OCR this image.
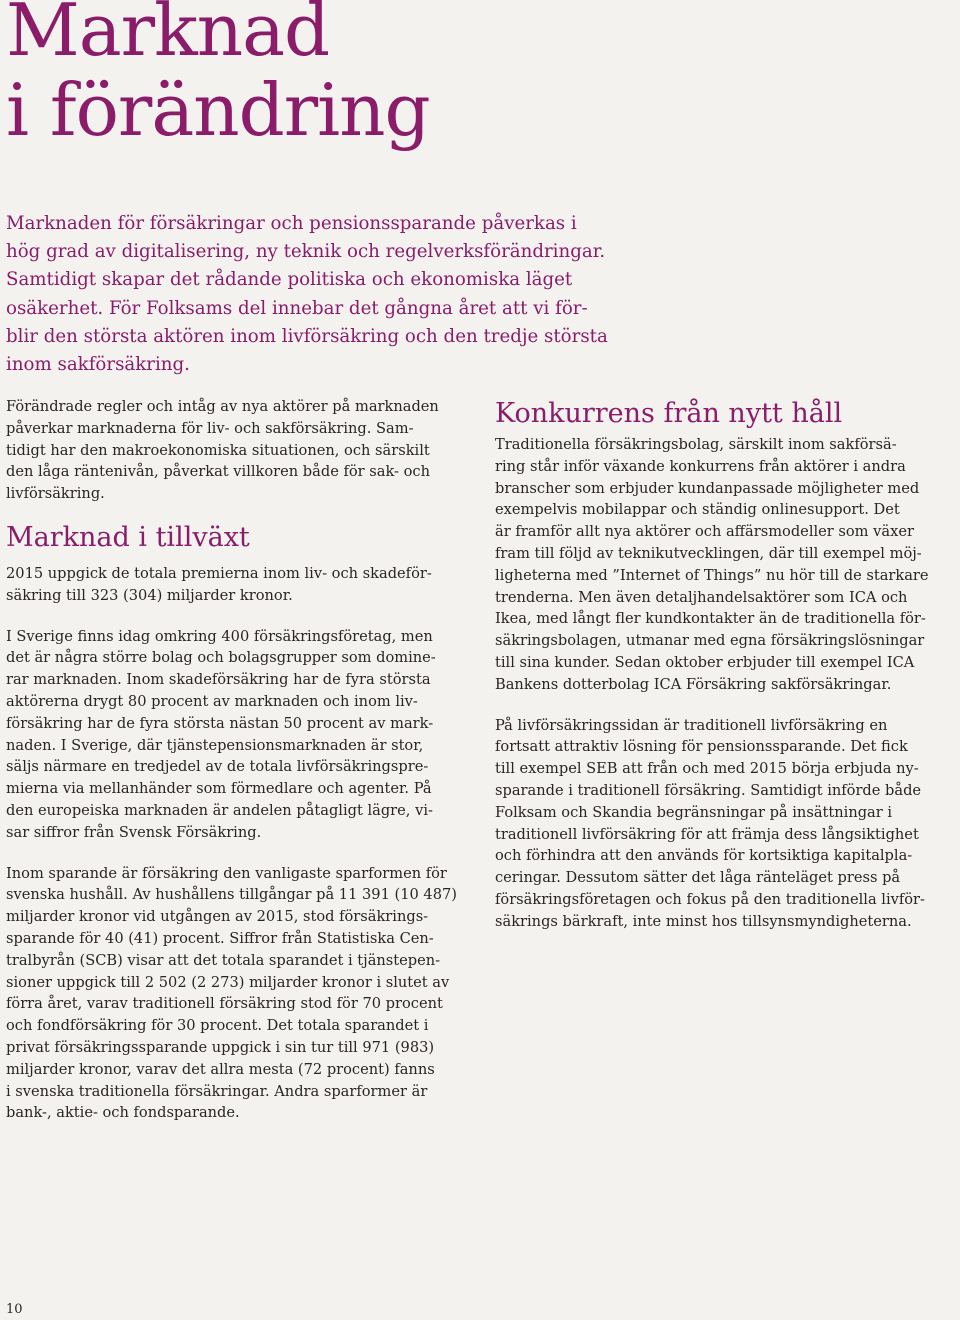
Marknad
i förändring

Marknaden för försäkringar och pensionssparande påverkas i
hög grad av digitalisering, ny teknik och regelverksförändringar.
Samtidigt skapar det rådande politiska och ekonomiska läget
osäkerhet. För Folksams del innebar det gångna året att vi för-
blir den största aktören inom livförsäkring och den tredje största
inom sakförsäkring.

Förändrade regler och intåg av nya aktörer på marknaden
påverkar marknaderna för liv- och sakförsäkring. Sam-
tidigt har den makroekonomiska situationen, och särskilt
den låga räntenivån, påverkat villkoren både för sak- och
livförsäkring.

Marknad i tillväxt

2015 uppgick de totala premierna inom liv- och skadeför-
säkring till 323 (304) miljarder kronor.

I Sverige finns idag omkring 400 försäkringsföretag, men
det är några större bolag och bolagsgrupper som domine-
rar marknaden. Inom skadeförsäkring har de fyra största
aktörerna drygt 80 procent av marknaden och inom liv-
försäkring har de fyra största nästan 50 procent av mark-
naden. I Sverige, där tjänstepensionsmarknaden är stor,
säljs närmare en tredjedel av de totala livförsäkringspre-
mierna via mellanhänder som förmedlare och agenter. På
den europeiska marknaden är andelen påtagligt lägre, vi-
sar siffror från Svensk Försäkring.

Inom sparande är försäkring den vanligaste sparformen för
svenska hushåll. Av hushållens tillgångar på 11 391 (10 487)
miljarder kronor vid utgången av 2015, stod försäkrings-
sparande för 40 (41) procent. Siffror från Statistiska Cen-
tralbyrån (SCB) visar att det totala sparandet i tjänstepen-
sioner uppgick till 2 502 (2 273) miljarder kronor i slutet av
förra året, varav traditionell försäkring stod för 70 procent
och fondförsäkring för 30 procent. Det totala sparandet i
privat försäkringssparande uppgick i sin tur till 971 (983)
miljarder kronor, varav det allra mesta (72 procent) fanns
i svenska traditionella försäkringar. Andra sparformer är
bank-, aktie- och fondsparande.

Konkurrens från nytt håll

Traditionella försäkringsbolag, särskilt inom sakförsä-
ring står inför växande konkurrens från aktörer i andra
branscher som erbjuder kundanpassade möjligheter med
exempelvis mobilappar och ständig onlinesupport. Det
är framför allt nya aktörer och affärsmodeller som växer
fram till följd av teknikutvecklingen, där till exempel möj-
ligheterna med ”Internet of Things” nu hör till de starkare
trenderna. Men även detaljhandelsaktörer som ICA och
Ikea, med långt fler kundkontakter än de traditionella för-
säkringsbolagen, utmanar med egna försäkringslösningar
till sina kunder. Sedan oktober erbjuder till exempel ICA
Bankens dotterbolag ICA Försäkring sakförsäkringar.

På livförsäkringssidan är traditionell livförsäkring en
fortsatt attraktiv lösning för pensionssparande. Det fick
till exempel SEB att från och med 2015 börja erbjuda ny-
sparande i traditionell försäkring. Samtidigt införde både
Folksam och Skandia begränsningar på insättningar i
traditionell livförsäkring för att främja dess långsiktighet
och förhindra att den används för kortsiktiga kapitalpla-
ceringar. Dessutom sätter det låga ränteläget press på
försäkringsföretagen och fokus på den traditionella livför-
säkrings bärkraft, inte minst hos tillsynsmyndigheterna.

10
